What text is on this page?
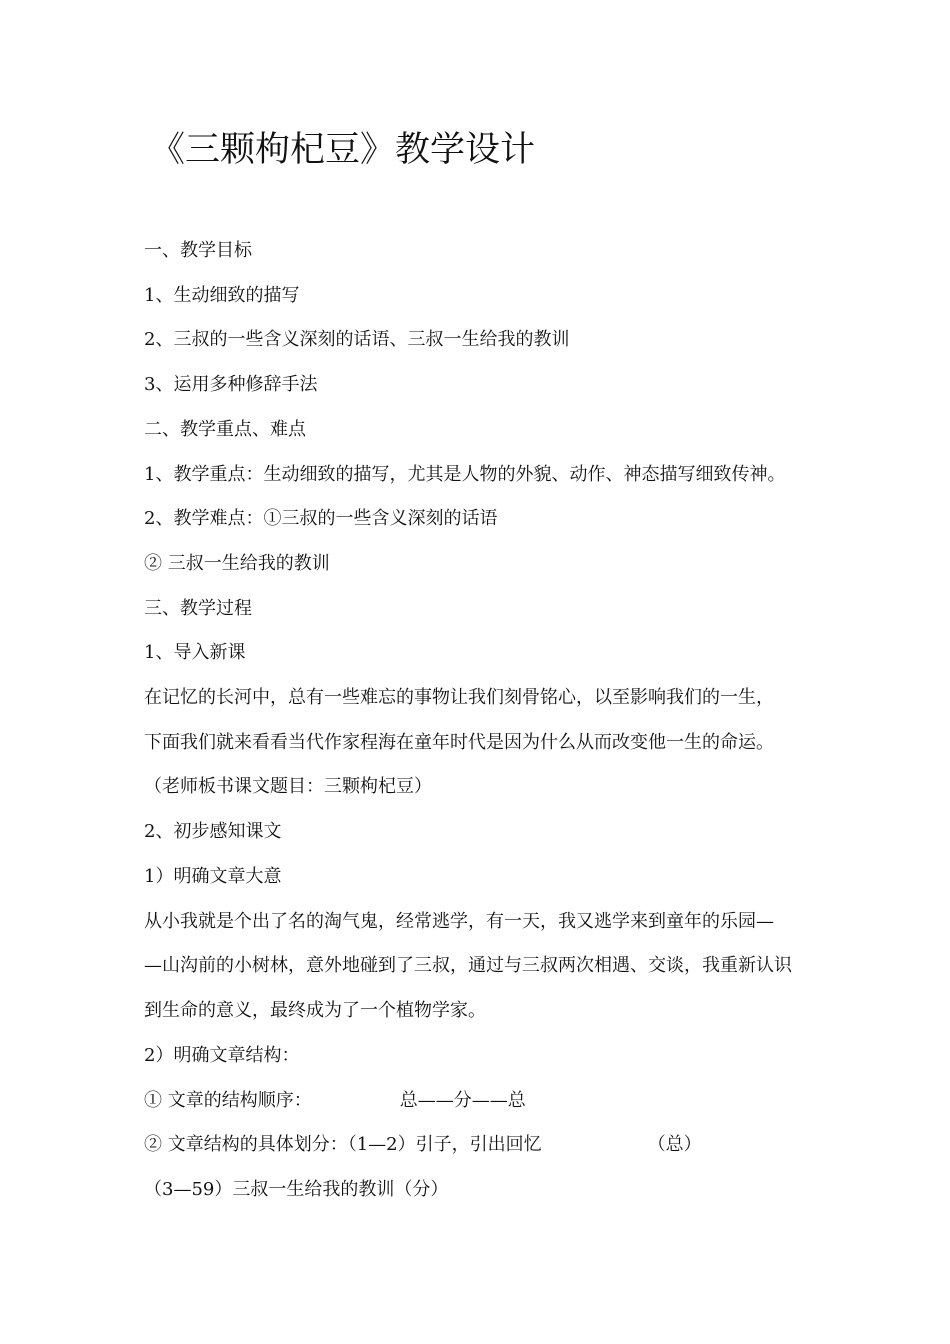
《三颗枸杞豆》教学设计
一、教学目标
1、生动细致的描写
2、三叔的一些含义深刻的话语、三叔一生给我的教训
3、运用多种修辞手法
二、教学重点、难点
1、教学重点：生动细致的描写，尤其是人物的外貌、动作、神态描写细致传神。
2、教学难点：①三叔的一些含义深刻的话语
② 三叔一生给我的教训
三、教学过程
1、导入新课
在记忆的长河中，总有一些难忘的事物让我们刻骨铭心，以至影响我们的一生，
下面我们就来看看当代作家程海在童年时代是因为什么从而改变他一生的命运。
（老师板书课文题目：三颗枸杞豆）
2、初步感知课文
1）明确文章大意
从小我就是个出了名的淘气鬼，经常逃学，有一天，我又逃学来到童年的乐园—
—山沟前的小树林，意外地碰到了三叔，通过与三叔两次相遇、交谈，我重新认识
到生命的意义，最终成为了一个植物学家。
2）明确文章结构：
① 文章的结构顺序：	总——分——总
② 文章结构的具体划分：（1—2）引子，引出回忆	（总）
（3—59）三叔一生给我的教训（分）
